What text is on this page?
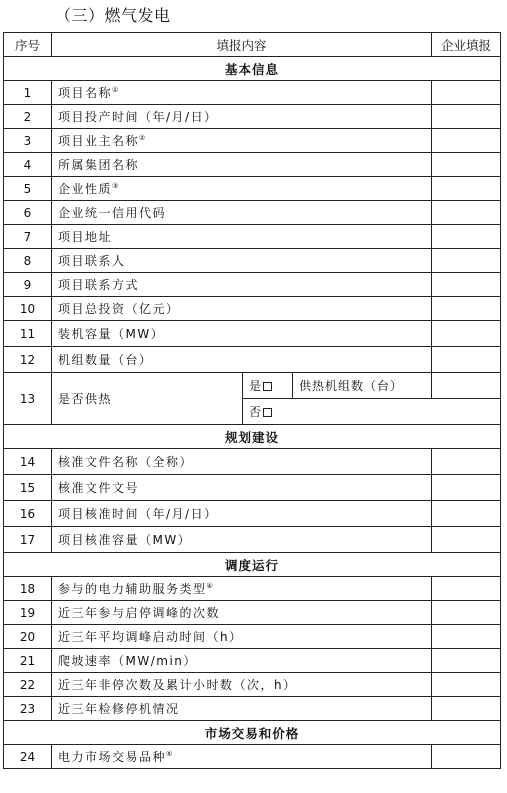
（三）燃气发电
序号	填报内容			企业填报
基本信息				
1	项目名称①	
2	项目投产时间（年/月/日）			
3	项目业主名称②	
4	所属集团名称			
5	企业性质③	
6	企业统一信用代码			
7	项目地址			
8	项目联系人			
9	项目联系方式			
10	项目总投资（亿元）			
11	装机容量（MW）			
12	机组数量（台）			
13	是否供热	是	供热机组数（台）	
		否		
规划建设				
14	核准文件名称（全称）			
15	核准文件文号			
16	项目核准时间（年/月/日）			
17	项目核准容量（MW）			
调度运行				
18	参与的电力辅助服务类型④	
19	近三年参与启停调峰的次数			
20	近三年平均调峰启动时间（h）			
21	爬坡速率（MW/min）			
22	近三年非停次数及累计小时数（次，h）			
23	近三年检修停机情况			
市场交易和价格				
24	电力市场交易品种⑤	
